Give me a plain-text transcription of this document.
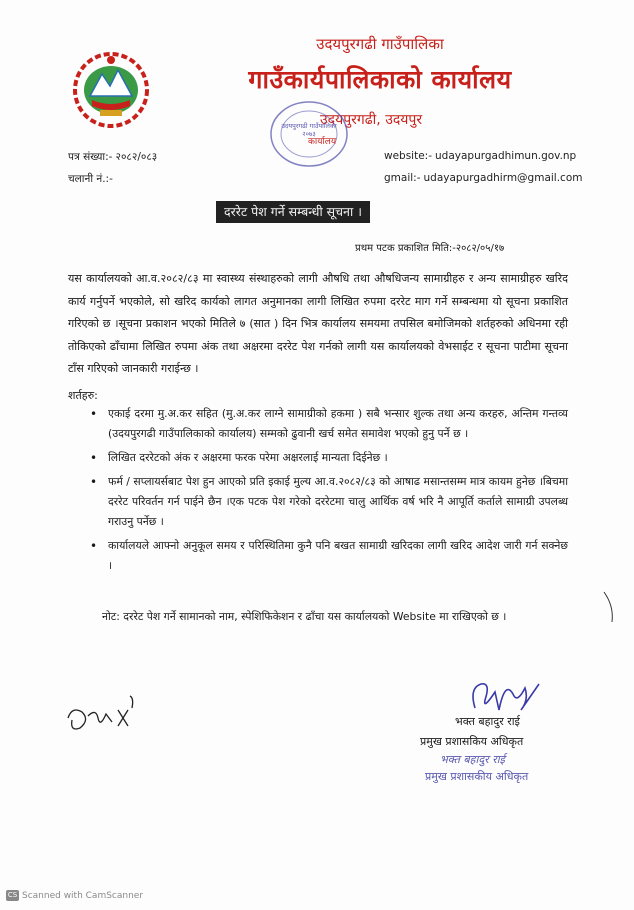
उदयपुरगढी गाउँपालिका
गाउँकार्यपालिकाको कार्यालय
उदयपुरगढी, उदयपुर
उदयपुरगढी गाउँपालिका २०७३
कार्यालय
पत्र संख्या:- २०८२/०८३
चलानी नं.:-
website:- udayapurgadhimun.gov.np
gmail:- udayapurgadhirm@gmail.com
दररेट पेश गर्ने सम्बन्धी सूचना ।
प्रथम पटक प्रकाशित मिति:-२०८२/०५/१७
यस कार्यालयको आ.व.२०८२/८३ मा स्वास्थ्य संस्थाहरुको लागी औषधि तथा औषधिजन्य सामाग्रीहरु र अन्य सामाग्रीहरु खरिद कार्य गर्नुपर्ने भएकोले, सो खरिद कार्यको लागत अनुमानका लागी लिखित रुपमा दररेट माग गर्ने सम्बन्धमा यो सूचना प्रकाशित गरिएको छ ।सूचना प्रकाशन भएको मितिले ७ (सात ) दिन भित्र कार्यालय समयमा तपसिल बमोजिमको शर्तहरुको अधिनमा रही तोकिएको ढाँचामा लिखित रुपमा अंक तथा अक्षरमा दररेट पेश गर्नको लागी यस कार्यालयको वेभसाईट र सूचना पाटीमा सूचना टाँस गरिएको जानकारी गराईन्छ ।
शर्तहरु:
• एकाई दरमा मु.अ.कर सहित (मु.अ.कर लाग्ने सामाग्रीको हकमा ) सबै भन्सार शुल्क तथा अन्य करहरु, अन्तिम गन्तव्य (उदयपुरगढी गाउँपालिकाको कार्यालय) सम्मको ढुवानी खर्च समेत समावेश भएको हुनु पर्ने छ ।
• लिखित दररेटको अंक र अक्षरमा फरक परेमा अक्षरलाई मान्यता दिईनेछ ।
• फर्म / सप्लायर्सबाट पेश हुन आएको प्रति इकाई मुल्य आ.व.२०८२/८३ को आषाढ मसान्तसम्म मात्र कायम हुनेछ ।बिचमा दररेट परिवर्तन गर्न पाईने छैन ।एक पटक पेश गरेको दररेटमा चालु आर्थिक वर्ष भरि नै आपूर्ति कर्ताले सामाग्री उपलब्ध गराउनु पर्नेछ ।
• कार्यालयले आफ्नो अनुकूल समय र परिस्थितिमा कुनै पनि बखत सामाग्री खरिदका लागी खरिद आदेश जारी गर्न सक्नेछ ।
नोट: दररेट पेश गर्ने सामानको नाम, स्पेशिफिकेशन र ढाँचा यस कार्यालयको Website मा राखिएको छ ।
भक्त बहादुर राई
प्रमुख प्रशासकिय अधिकृत
भक्त बहादुर राई
प्रमुख प्रशासकीय अधिकृत
CS Scanned with CamScanner
